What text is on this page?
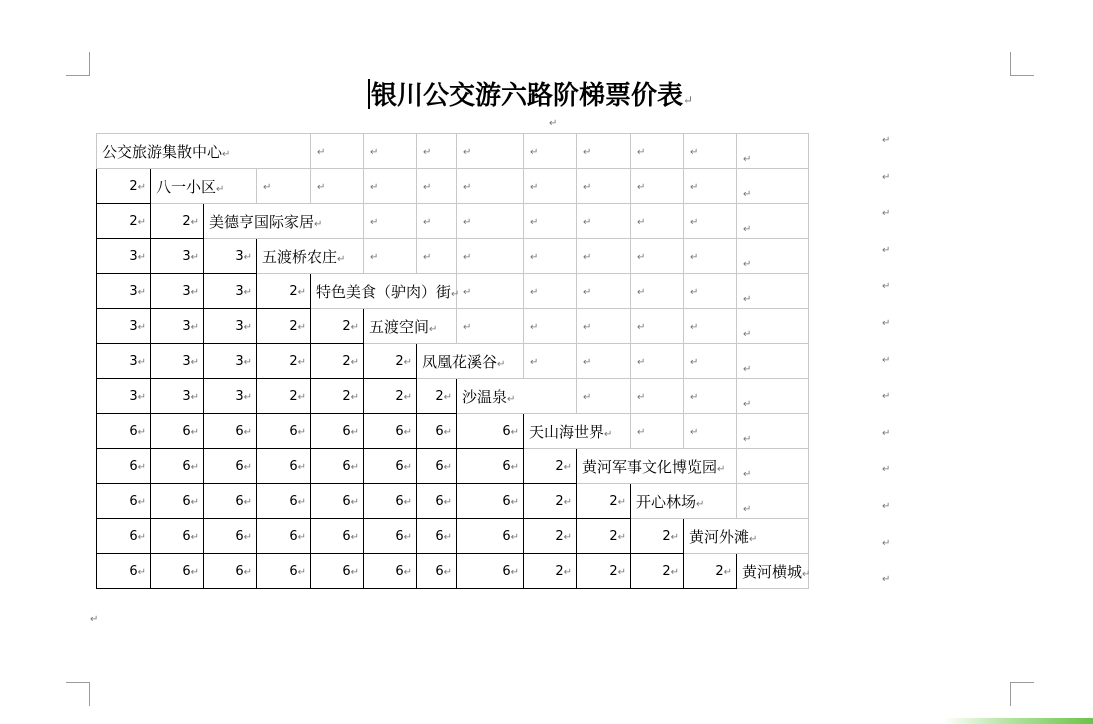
银川公交游六路阶梯票价表↵
↵
公交旅游集散中心↵				↵	↵	↵	↵	↵	↵	↵	↵	↵
2↵	八一小区↵		↵	↵	↵	↵	↵	↵	↵	↵	↵	↵
2↵	2↵	美德亨国际家居↵			↵	↵	↵	↵	↵	↵	↵	↵
3↵	3↵	3↵	五渡桥农庄↵		↵	↵	↵	↵	↵	↵	↵	↵
3↵	3↵	3↵	2↵	特色美食（驴肉）街↵			↵	↵	↵	↵	↵	↵
3↵	3↵	3↵	2↵	2↵	五渡空间↵		↵	↵	↵	↵	↵	↵
3↵	3↵	3↵	2↵	2↵	2↵	凤凰花溪谷↵		↵	↵	↵	↵	↵
3↵	3↵	3↵	2↵	2↵	2↵	2↵	沙温泉↵		↵	↵	↵	↵
6↵	6↵	6↵	6↵	6↵	6↵	6↵	6↵	天山海世界↵		↵	↵	↵
6↵	6↵	6↵	6↵	6↵	6↵	6↵	6↵	2↵	黄河军事文化博览园↵			↵
6↵	6↵	6↵	6↵	6↵	6↵	6↵	6↵	2↵	2↵	开心林场↵		↵
6↵	6↵	6↵	6↵	6↵	6↵	6↵	6↵	2↵	2↵	2↵	黄河外滩↵	
6↵	6↵	6↵	6↵	6↵	6↵	6↵	6↵	2↵	2↵	2↵	2↵	黄河横城↵
↵
↵
↵
↵
↵
↵
↵
↵
↵
↵
↵
↵
↵
↵
